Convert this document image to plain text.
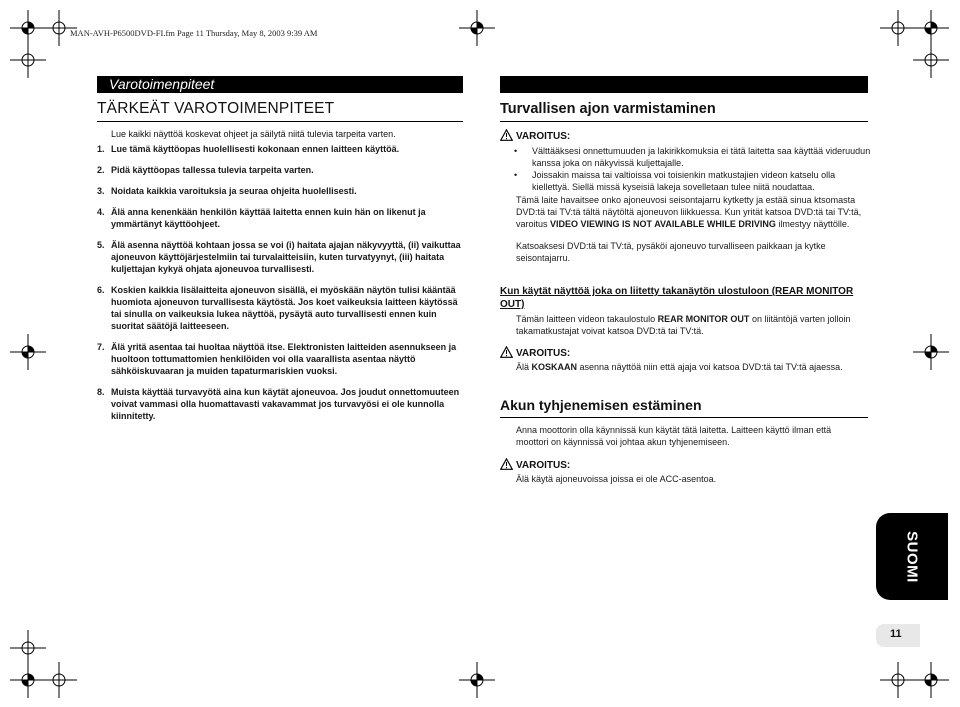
MAN-AVH-P6500DVD-FI.fm Page 11 Thursday, May 8, 2003 9:39 AM
Varotoimenpiteet
TÄRKEÄT VAROTOIMENPITEET
Lue kaikki näyttöä koskevat ohjeet ja säilytä niitä tulevia tarpeita varten.
1. Lue tämä käyttöopas huolellisesti kokonaan ennen laitteen käyttöä.
2. Pidä käyttöopas tallessa tulevia tarpeita varten.
3. Noidata kaikkia varoituksia ja seuraa ohjeita huolellisesti.
4. Älä anna kenenkään henkilön käyttää laitetta ennen kuin hän on likenut ja ymmärtänyt käyttöohjeet.
5. Älä asenna näyttöä kohtaan jossa se voi (i) haitata ajajan näkyvyyttä, (ii) vaikuttaa ajoneuvon käyttöjärjestelmiin tai turvalaitteisiin, kuten turvatyynyt, (iii) haitata kuljettajan kykyä ohjata ajoneuvoa turvallisesti.
6. Koskien kaikkia lisälaitteita ajoneuvon sisällä, ei myöskään näytön tulisi kääntää huomiota ajoneuvon turvallisesta käytöstä. Jos koet vaikeuksia laitteen käytössä tai sinulla on vaikeuksia lukea näyttöä, pysäytä auto turvallisesti ennen kuin suoritat säätöjä laitteeseen.
7. Älä yritä asentaa tai huoltaa näyttöä itse. Elektronisten laitteiden asennukseen ja huoltoon tottumattomien henkilöiden voi olla vaarallista asentaa näyttö sähköiskuvaaran ja muiden tapaturmariskien vuoksi.
8. Muista käyttää turvavyötä aina kun käytät ajoneuvoa. Jos joudut onnettomuuteen voivat vammasi olla huomattavasti vakavammat jos turvavyösi ei ole kunnolla kiinnitetty.
Turvallisen ajon varmistaminen
VAROITUS:
• Välttääksesi onnettumuuden ja lakirikkomuksia ei tätä laitetta saa käyttää videruudun kanssa joka on näkyvissä kuljettajalle.
• Joissakin maissa tai valtioissa voi toisienkin matkustajien videon katselu olla kiellettyä. Siellä missä kyseisiä lakeja sovelletaan tulee niitä noudattaa.
Tämä laite havaitsee onko ajoneuvosi seisontajarru kytketty ja estää sinua ktsomasta DVD:tä tai TV:tä tältä näytöltä ajoneuvon liikkuessa. Kun yrität katsoa DVD:tä tai TV:tä, varoitus VIDEO VIEWING IS NOT AVAILABLE WHILE DRIVING ilmestyy näyttölle.
Katsoaksesi DVD:tä tai TV:tä, pysäköi ajoneuvo turvalliseen paikkaan ja kytke seisontajarru.
Kun käytät näyttöä joka on liitetty takanäytön ulostuloon (REAR MONITOR OUT)
Tämän laitteen videon takaulostulo REAR MONITOR OUT on liitäntöjä varten jolloin takamatkustajat voivat katsoa DVD:tä tai TV:tä.
VAROITUS:
Älä KOSKAAN asenna näyttöä niin että ajaja voi katsoa DVD:tä tai TV:tä ajaessa.
Akun tyhjenemisen estäminen
Anna moottorin olla käynnissä kun käytät tätä laitetta. Laitteen käyttö ilman että moottori on käynnissä voi johtaa akun tyhjenemiseen.
VAROITUS:
Älä käytä ajoneuvoissa joissa ei ole ACC-asentoa.
SUOMI
11
